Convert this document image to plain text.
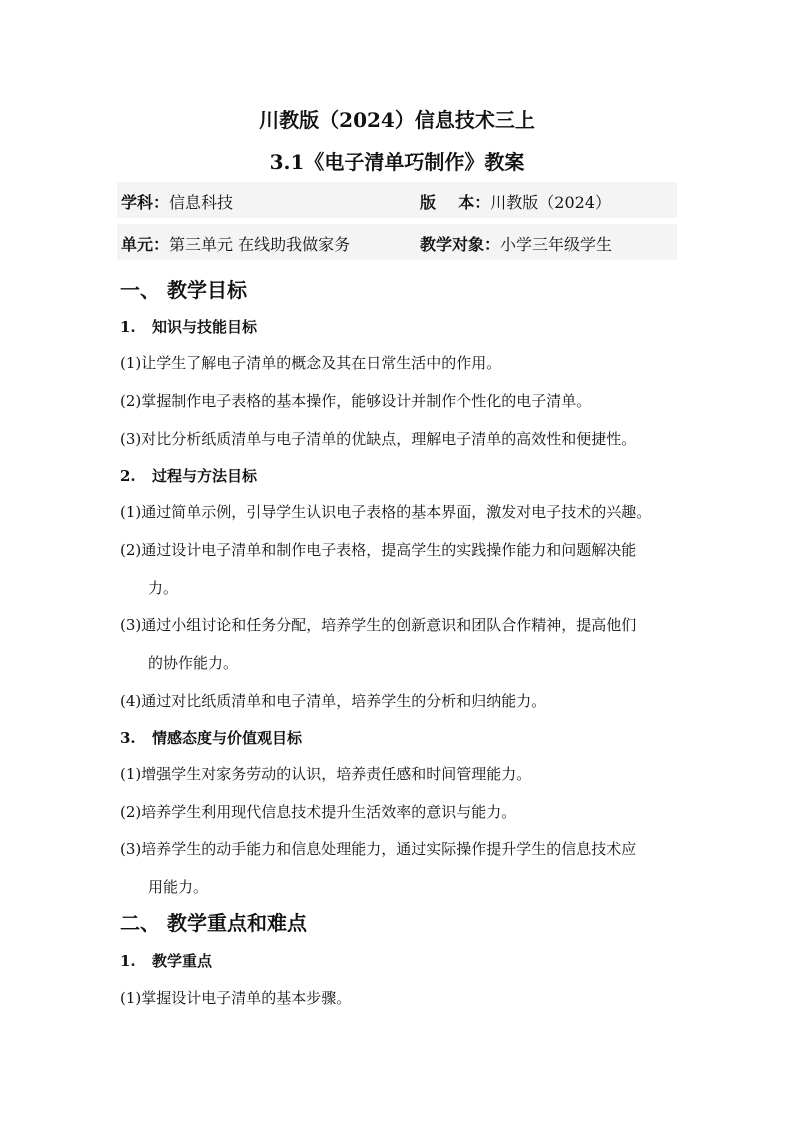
川教版（2024）信息技术三上
3.1《电子清单巧制作》教案
学科：信息科技	版    本：川教版（2024）
单元：第三单元 在线助我做家务	教学对象：小学三年级学生
一、 教学目标
1. 知识与技能目标
(1)让学生了解电子清单的概念及其在日常生活中的作用。
(2)掌握制作电子表格的基本操作，能够设计并制作个性化的电子清单。
(3)对比分析纸质清单与电子清单的优缺点，理解电子清单的高效性和便捷性。
2. 过程与方法目标
(1)通过简单示例，引导学生认识电子表格的基本界面，激发对电子技术的兴趣。
(2)通过设计电子清单和制作电子表格，提高学生的实践操作能力和问题解决能
力。
(3)通过小组讨论和任务分配，培养学生的创新意识和团队合作精神，提高他们
的协作能力。
(4)通过对比纸质清单和电子清单，培养学生的分析和归纳能力。
3. 情感态度与价值观目标
(1)增强学生对家务劳动的认识，培养责任感和时间管理能力。
(2)培养学生利用现代信息技术提升生活效率的意识与能力。
(3)培养学生的动手能力和信息处理能力，通过实际操作提升学生的信息技术应
用能力。
二、 教学重点和难点
1. 教学重点
(1)掌握设计电子清单的基本步骤。
